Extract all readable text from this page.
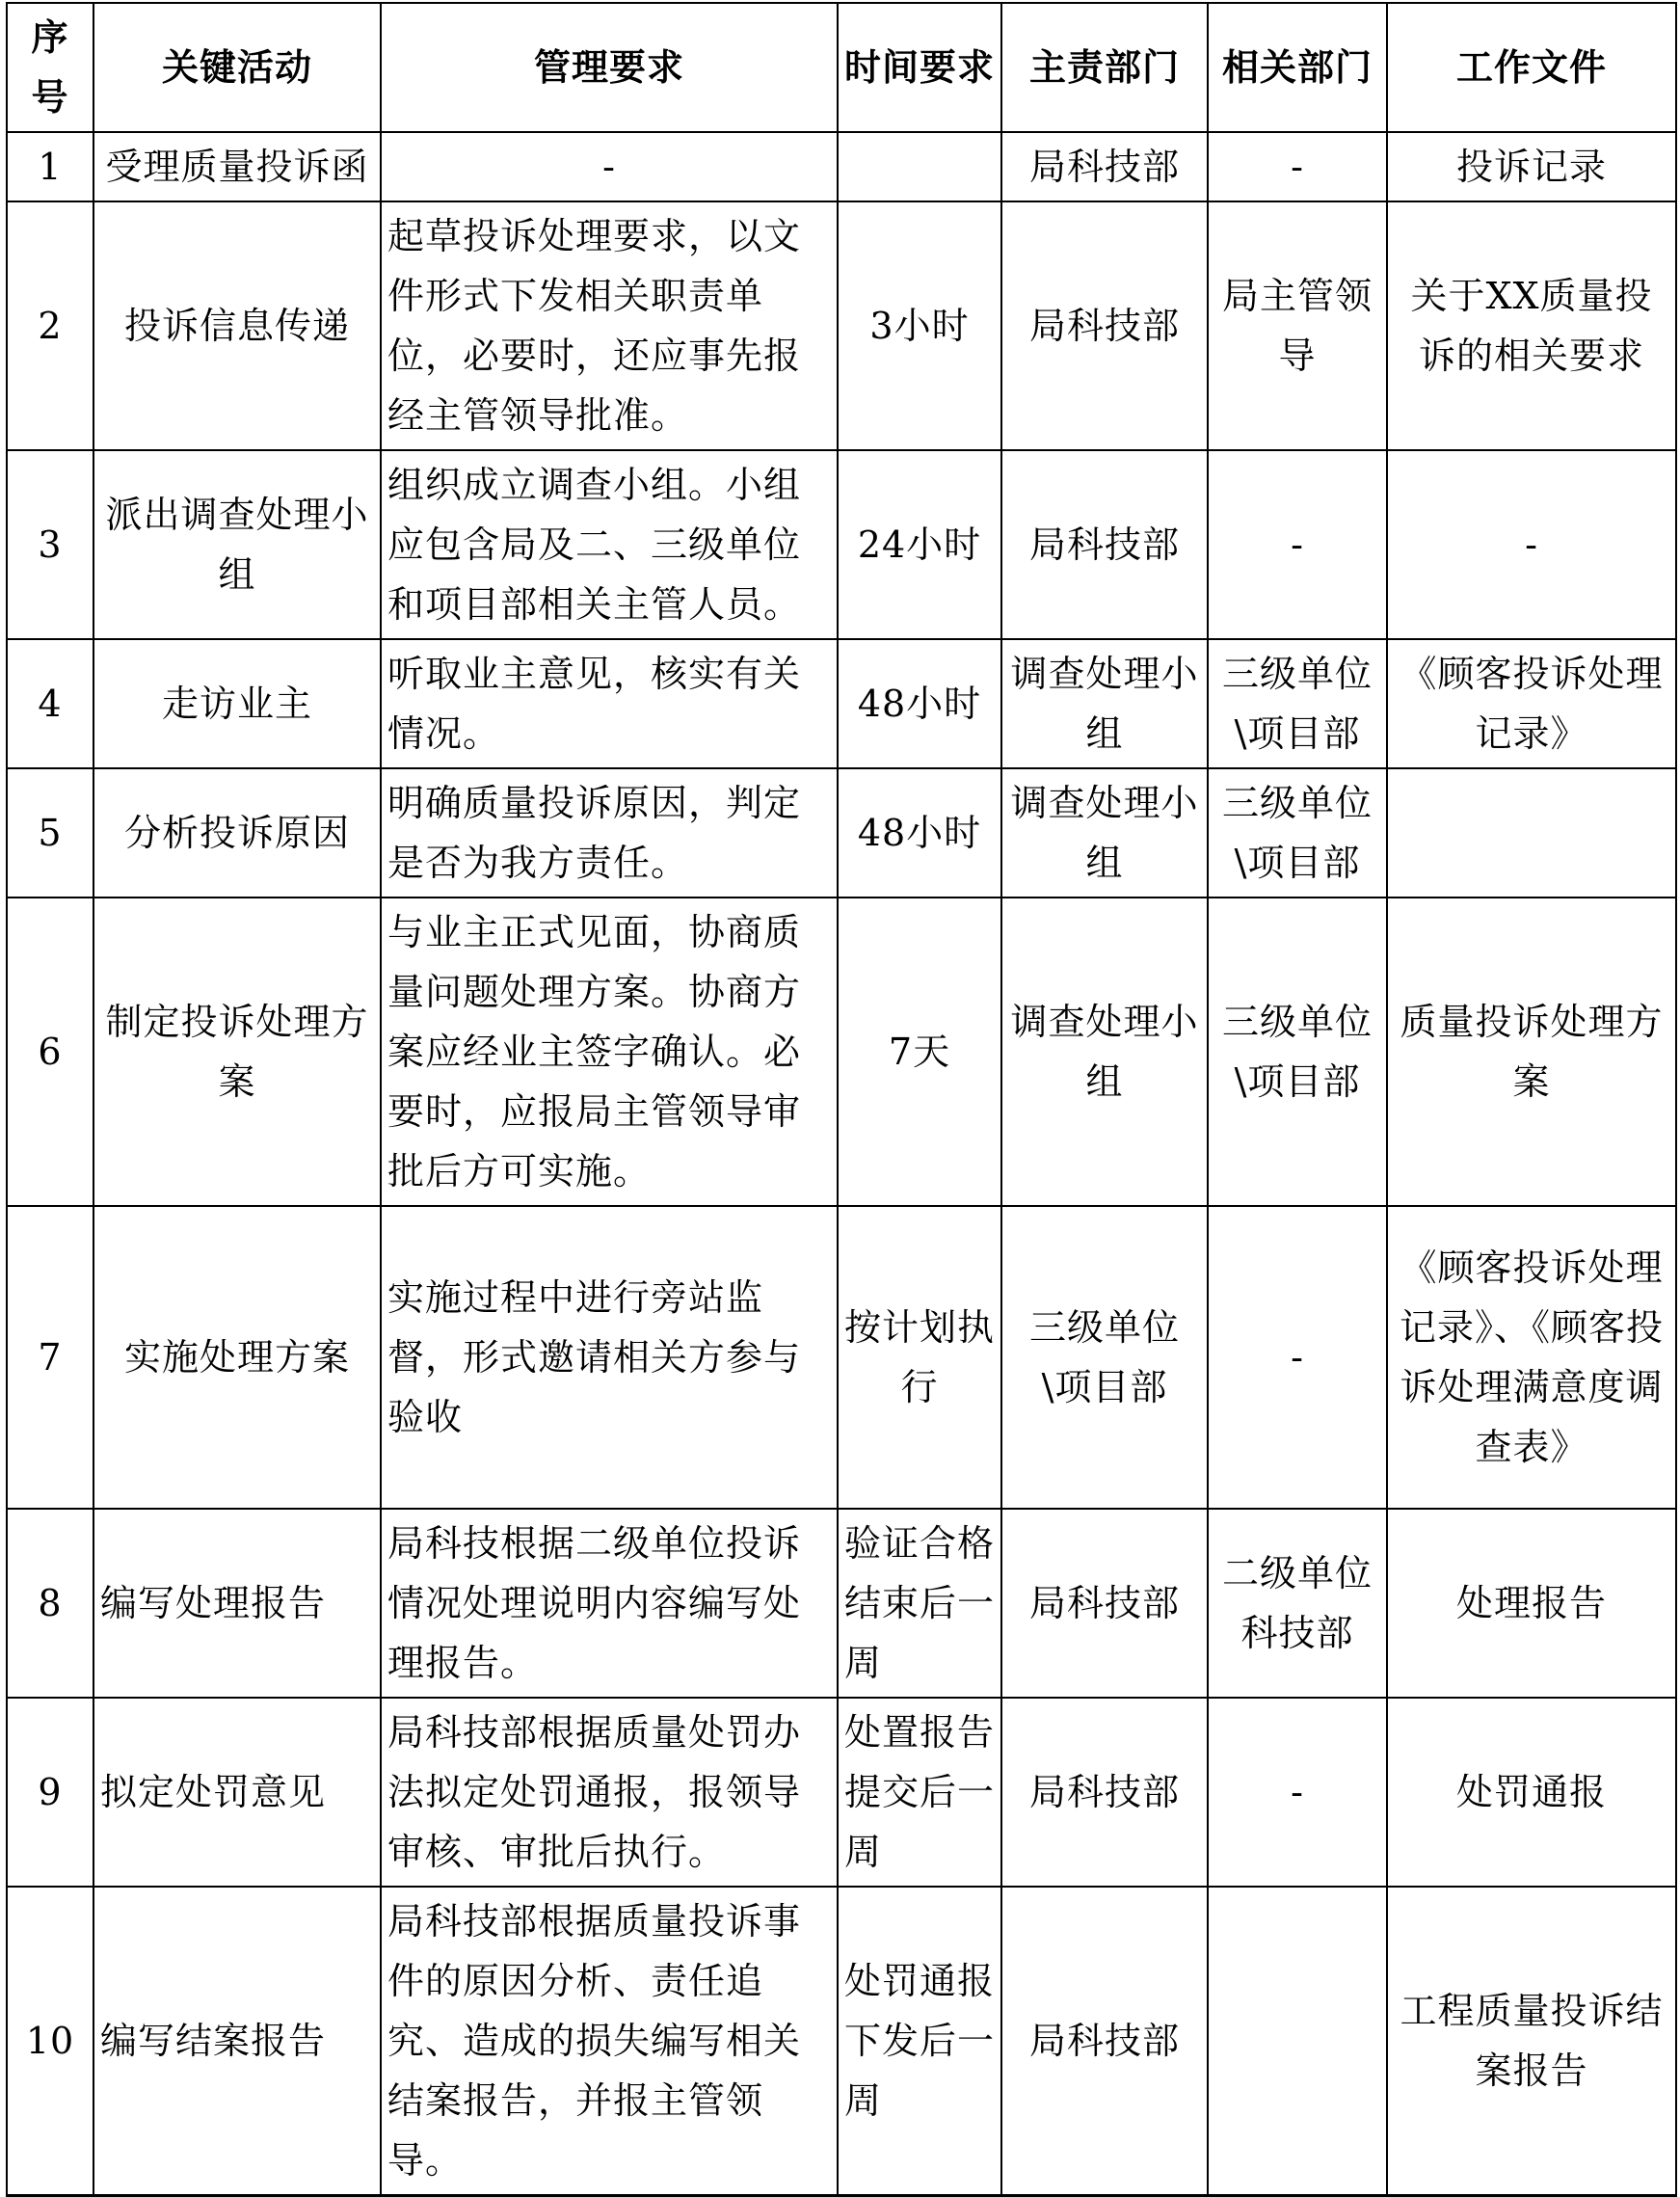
序号	关键活动	管理要求	时间要求	主责部门	相关部门	工作文件
1	受理质量投诉函	-		局科技部	-	投诉记录
2	投诉信息传递	起草投诉处理要求，以文件形式下发相关职责单位，必要时，还应事先报经主管领导批准。	3小时	局科技部	局主管领导	关于XX质量投诉的相关要求
3	派出调查处理小组	组织成立调查小组。小组应包含局及二、三级单位和项目部相关主管人员。	24小时	局科技部	-	-
4	走访业主	听取业主意见，核实有关情况。	48小时	调查处理小组	三级单位\项目部	《顾客投诉处理记录》
5	分析投诉原因	明确质量投诉原因，判定是否为我方责任。	48小时	调查处理小组	三级单位\项目部	
6	制定投诉处理方案	与业主正式见面，协商质量问题处理方案。协商方案应经业主签字确认。必要时，应报局主管领导审批后方可实施。	7天	调查处理小组	三级单位\项目部	质量投诉处理方案
7	实施处理方案	实施过程中进行旁站监督，形式邀请相关方参与验收	按计划执行	三级单位\项目部	-	《顾客投诉处理记录》、《顾客投诉处理满意度调查表》
8	编写处理报告	局科技根据二级单位投诉情况处理说明内容编写处理报告。	验证合格结束后一周	局科技部	二级单位科技部	处理报告
9	拟定处罚意见	局科技部根据质量处罚办法拟定处罚通报，报领导审核、审批后执行。	处置报告提交后一周	局科技部	-	处罚通报
10	编写结案报告	局科技部根据质量投诉事件的原因分析、责任追究、造成的损失编写相关结案报告，并报主管领导。	处罚通报下发后一周	局科技部		工程质量投诉结案报告
